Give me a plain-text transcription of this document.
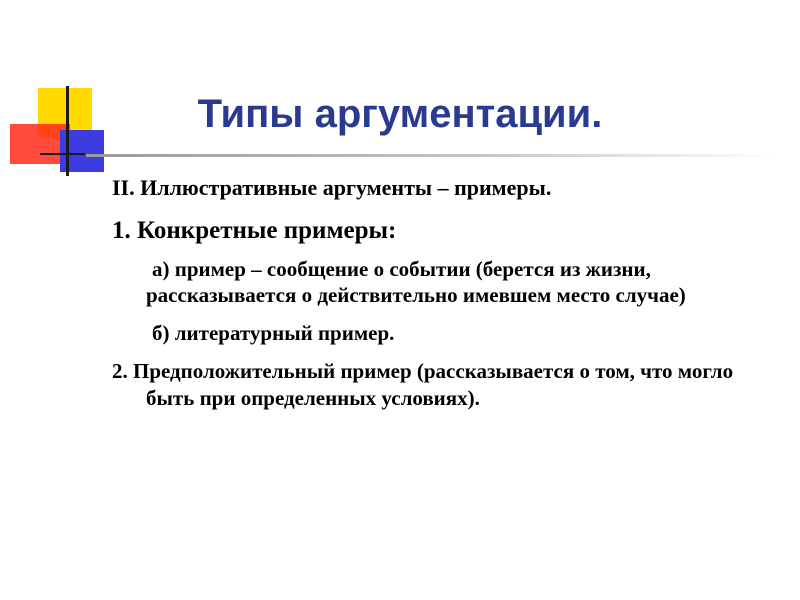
Типы аргументации.

II. Иллюстративные аргументы – примеры.

1. Конкретные примеры:

а) пример – сообщение о событии (берется из жизни, рассказывается о действительно имевшем место случае)

б) литературный пример.

2. Предположительный пример (рассказывается о том, что могло быть при определенных условиях).
